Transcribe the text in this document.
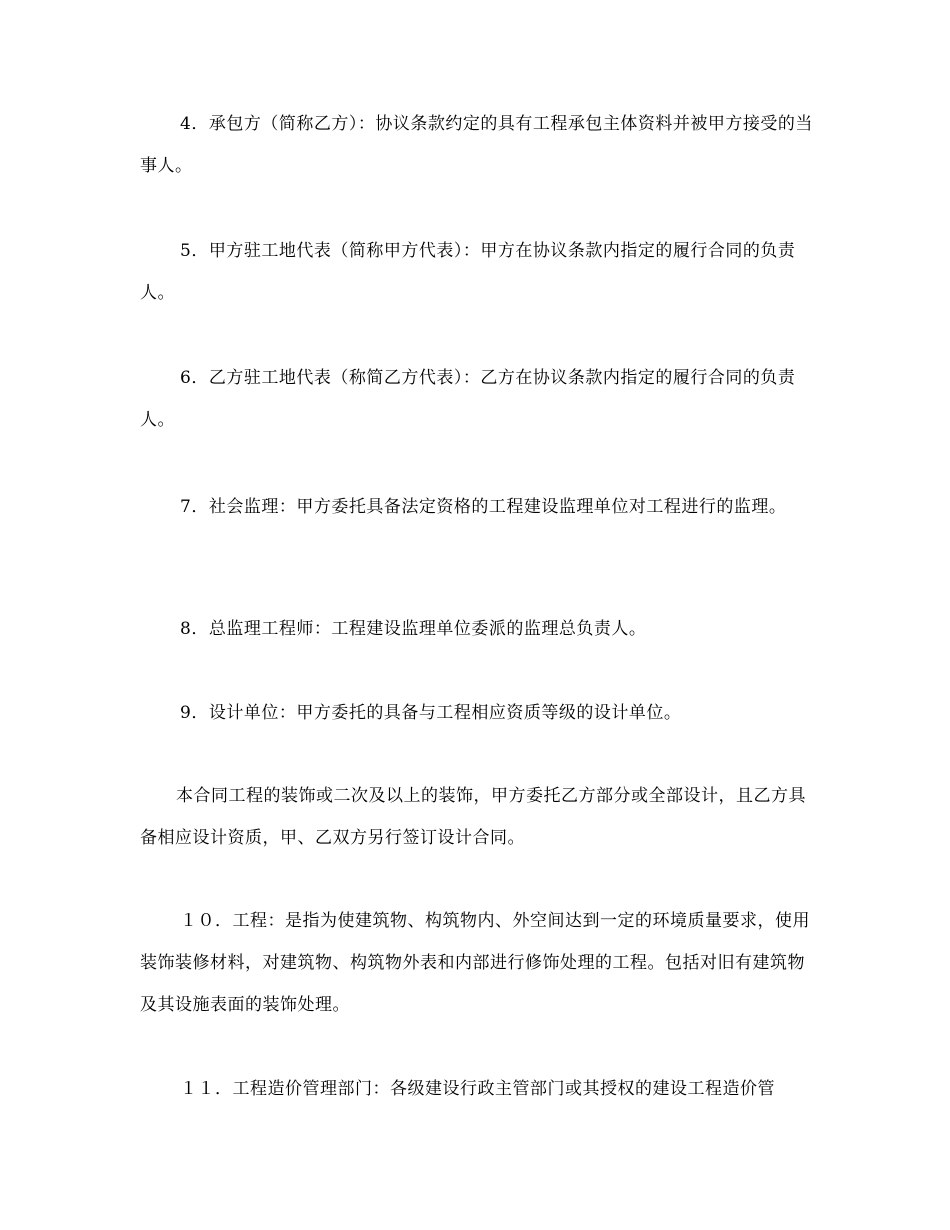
4．承包方（简称乙方）：协议条款约定的具有工程承包主体资料并被甲方接受的当事人。

5．甲方驻工地代表（简称甲方代表）：甲方在协议条款内指定的履行合同的负责人。

6．乙方驻工地代表（称简乙方代表）：乙方在协议条款内指定的履行合同的负责人。

7．社会监理：甲方委托具备法定资格的工程建设监理单位对工程进行的监理。

8．总监理工程师：工程建设监理单位委派的监理总负责人。

9．设计单位：甲方委托的具备与工程相应资质等级的设计单位。

本合同工程的装饰或二次及以上的装饰，甲方委托乙方部分或全部设计，且乙方具备相应设计资质，甲、乙双方另行签订设计合同。

１０．工程：是指为使建筑物、构筑物内、外空间达到一定的环境质量要求，使用装饰装修材料，对建筑物、构筑物外表和内部进行修饰处理的工程。包括对旧有建筑物及其设施表面的装饰处理。

１１．工程造价管理部门：各级建设行政主管部门或其授权的建设工程造价管
